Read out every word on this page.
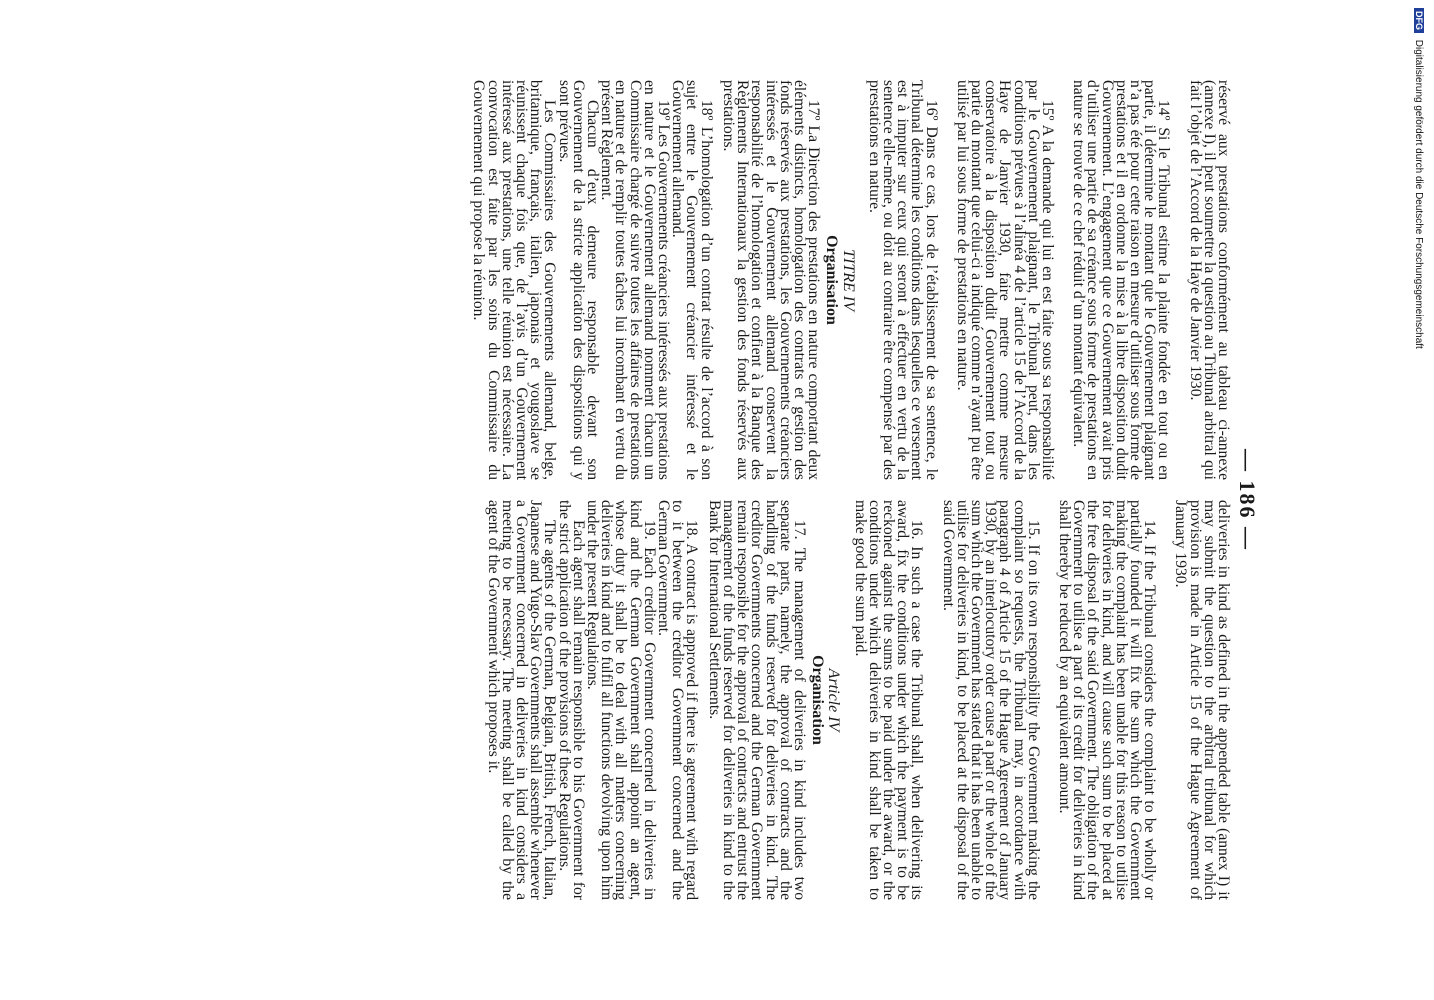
— 186 —

réservé aux prestations conformément au tableau ci-annexe (annexe I), il peut soumettre la question au Tribunal arbitral qui fait l’objet de l’Accord de la Haye de Janvier 1930.

14º Si le Tribunal estime la plainte fondée en tout ou en partie, il détermine le montant que le Gouvernement plaignant n’a pas été pour cette raison en mesure d’utiliser sous forme de prestations et il en ordonne la mise à la libre disposition dudit Gouvernement. L’engagement que ce Gouvernement avait pris d’utiliser une partie de sa créance sous forme de prestations en nature se trouve de ce chef réduit d’un montant équivalent.

15º A la demande qui lui en est faite sous sa responsabilité par le Gouvernement plaignant, le Tribunal peut, dans les conditions prévues à l’alinéa 4 de l’article 15 de l’Accord de la Haye de Janvier 1930, faire mettre comme mesure conservatoire à la disposition dudit Gouvernement tout ou partie du montant que celui-ci a indiqué comme n’ayant pu être utilisé par lui sous forme de prestations en nature.

16º Dans ce cas, lors de l’établissement de sa sentence, le Tribunal détermine les conditions dans lesquelles ce versement est à imputer sur ceux qui seront à effectuer en vertu de la sentence elle-même, ou doit au contraire être compensé par des prestations en nature.

TITRE IV
Organisation

17º La Direction des prestations en nature comportant deux éléments distincts, homologation des contrats et gestion des fonds réservés aux prestations, les Gouvernements créanciers intéressés et le Gouvernement allemand conservent la responsabilité de l’homologation et confient à la Banque des Règlements Internationaux la gestion des fonds réservés aux prestations.

18º L’homologation d’un contrat résulte de l’accord à son sujet entre le Gouvernement créancier intéressé et le Gouvernement allemand.

19º Les Gouvernements créanciers intéressés aux prestations en nature et le Gouvernement allemand nomment chacun un Commissaire chargé de suivre toutes les affaires de prestations en nature et de remplir toutes tâches lui incombant en vertu du présent Règlement.

Chacun d’eux demeure responsable devant son Gouvernement de la stricte application des dispositions qui y sont prévues.

Les Commissaires des Gouvernements allemand, belge, britannique, français, italien, japonais et yougoslave se réunissent chaque fois que, de l’avis d’un Gouvernement intéressé aux prestations, une telle réunion est nécessaire. La convocation est faite par les soins du Commissaire du Gouvernement qui propose la réunion.

deliveries in kind as defined in the appended table (annex I) it may submit the question to the arbitral tribunal for which provision is made in Article 15 of the Hague Agreement of January 1930.

14. If the Tribunal considers the complaint to be wholly or partially founded it will fix the sum which the Government making the complaint has been unable for this reason to utilise for deliveries in kind, and will cause such sum to be placed at the free disposal of the said Government. The obligation of the Government to utilise a part of its credit for deliveries in kind shall thereby be reduced by an equivalent amount.

15. If on its own responsibility the Government making the complaint so requests, the Tribunal may, in accordance with paragraph 4 of Article 15 of the Hague Agreement of January 1930, by an interlocutory order cause a part or the whole of the sum which the Government has stated that it has been unable to utilise for deliveries in kind, to be placed at the disposal of the said Government.

16. In such a case the Tribunal shall, when delivering its award, fix the conditions under which the payment is to be reckoned against the sums to be paid under the award, or the conditions under which deliveries in kind shall be taken to make good the sum paid.

Article IV
Organisation

17. The management of deliveries in kind includes two separate parts, namely, the approval of contracts and the handling of the funds reserved for deliveries in kind. The creditor Governments concerned and the German Government remain responsible for the approval of contracts and entrust the management of the funds reserved for deliveries in kind to the Bank for International Settlements.

18. A contract is approved if there is agreement with regard to it between the creditor Government concerned and the German Government.

19. Each creditor Government concerned in deliveries in kind and the German Government shall appoint an agent, whose duty it shall be to deal with all matters concerning deliveries in kind and to fulfil all functions devolving upon him under the present Regulations.

Each agent shall remain responsible to his Government for the strict application of the provisions of these Regulations.

The agents of the German, Belgian, British, French, Italian, Japanese and Yugo-Slav Governments shall assemble whenever a Government concerned in deliveries in kind considers a meeting to be necessary. The meeting shall be called by the agent of the Government which proposes it.

DFG Digitalisierung gefördert durch die Deutsche Forschungsgemeinschaft
